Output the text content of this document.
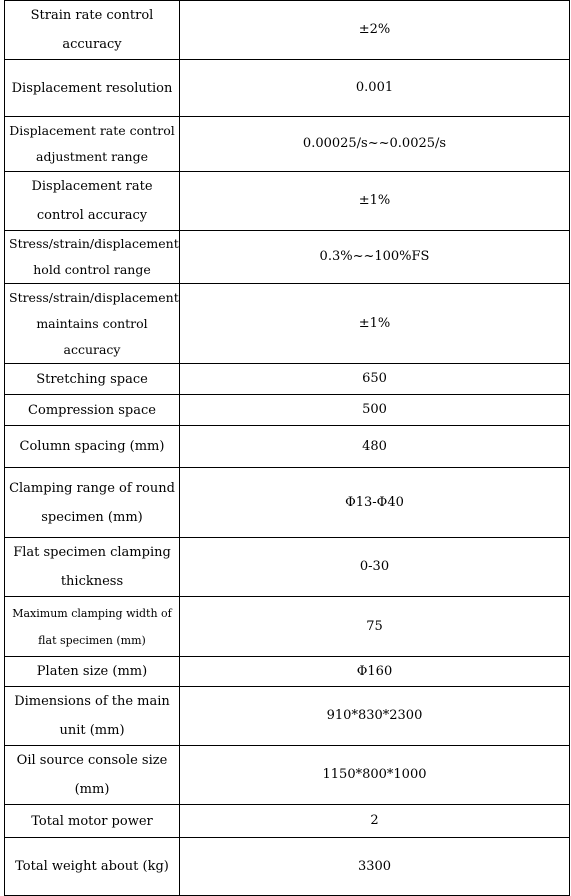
Strain rate control accuracy	±2%
Displacement resolution	0.001
Displacement rate control adjustment range	0.00025/s~~0.0025/s
Displacement rate control accuracy	±1%
Stress/strain/displacement hold control range	0.3%~~100%FS
Stress/strain/displacement maintains control accuracy	±1%
Stretching space	650
Compression space	500
Column spacing (mm)	480
Clamping range of round specimen (mm)	Φ13-Φ40
Flat specimen clamping thickness	0-30
Maximum clamping width of flat specimen (mm)	75
Platen size (mm)	Φ160
Dimensions of the main unit (mm)	910*830*2300
Oil source console size (mm)	1150*800*1000
Total motor power	2
Total weight about (kg)	3300
